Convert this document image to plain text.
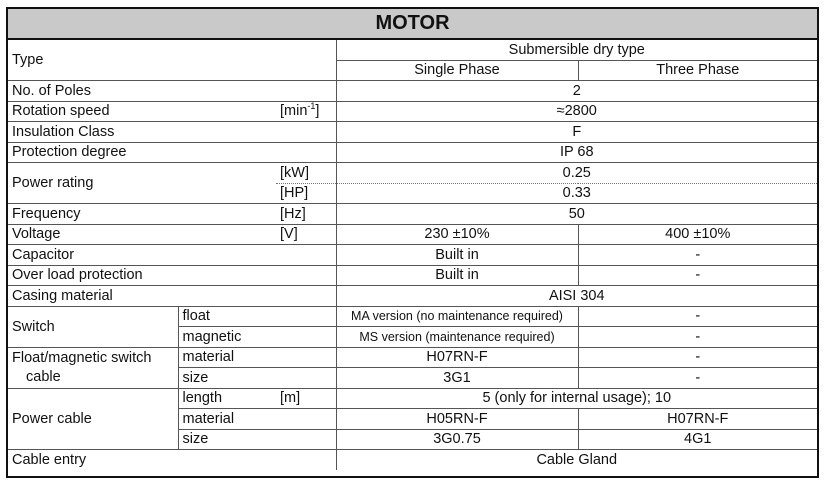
MOTOR
Type			Submersible dry type	
			Single Phase	Three Phase
No. of Poles			2	
Rotation speed		$[\min^{-1}]$	≈2800	
Insulation Class			F	
Protection degree			IP 68	
Power rating		[kW]	0.25	
		[HP]	0.33	
Frequency		[Hz]	50	
Voltage		[V]	230 ±10%	400 ±10%
Capacitor			Built in	-
Over load protection			Built in	-
Casing material			AISI 304	
Switch	float		MA version (no maintenance required)	-
	magnetic		MS version (maintenance required)	-

Float/magnetic switch
cable	material		H07RN-F	-
	size		3G1	-
Power cable	length	[m]	5 (only for internal usage); 10	
	material		H05RN-F	H07RN-F
	size		3G0.75	4G1
Cable entry			Cable Gland	
